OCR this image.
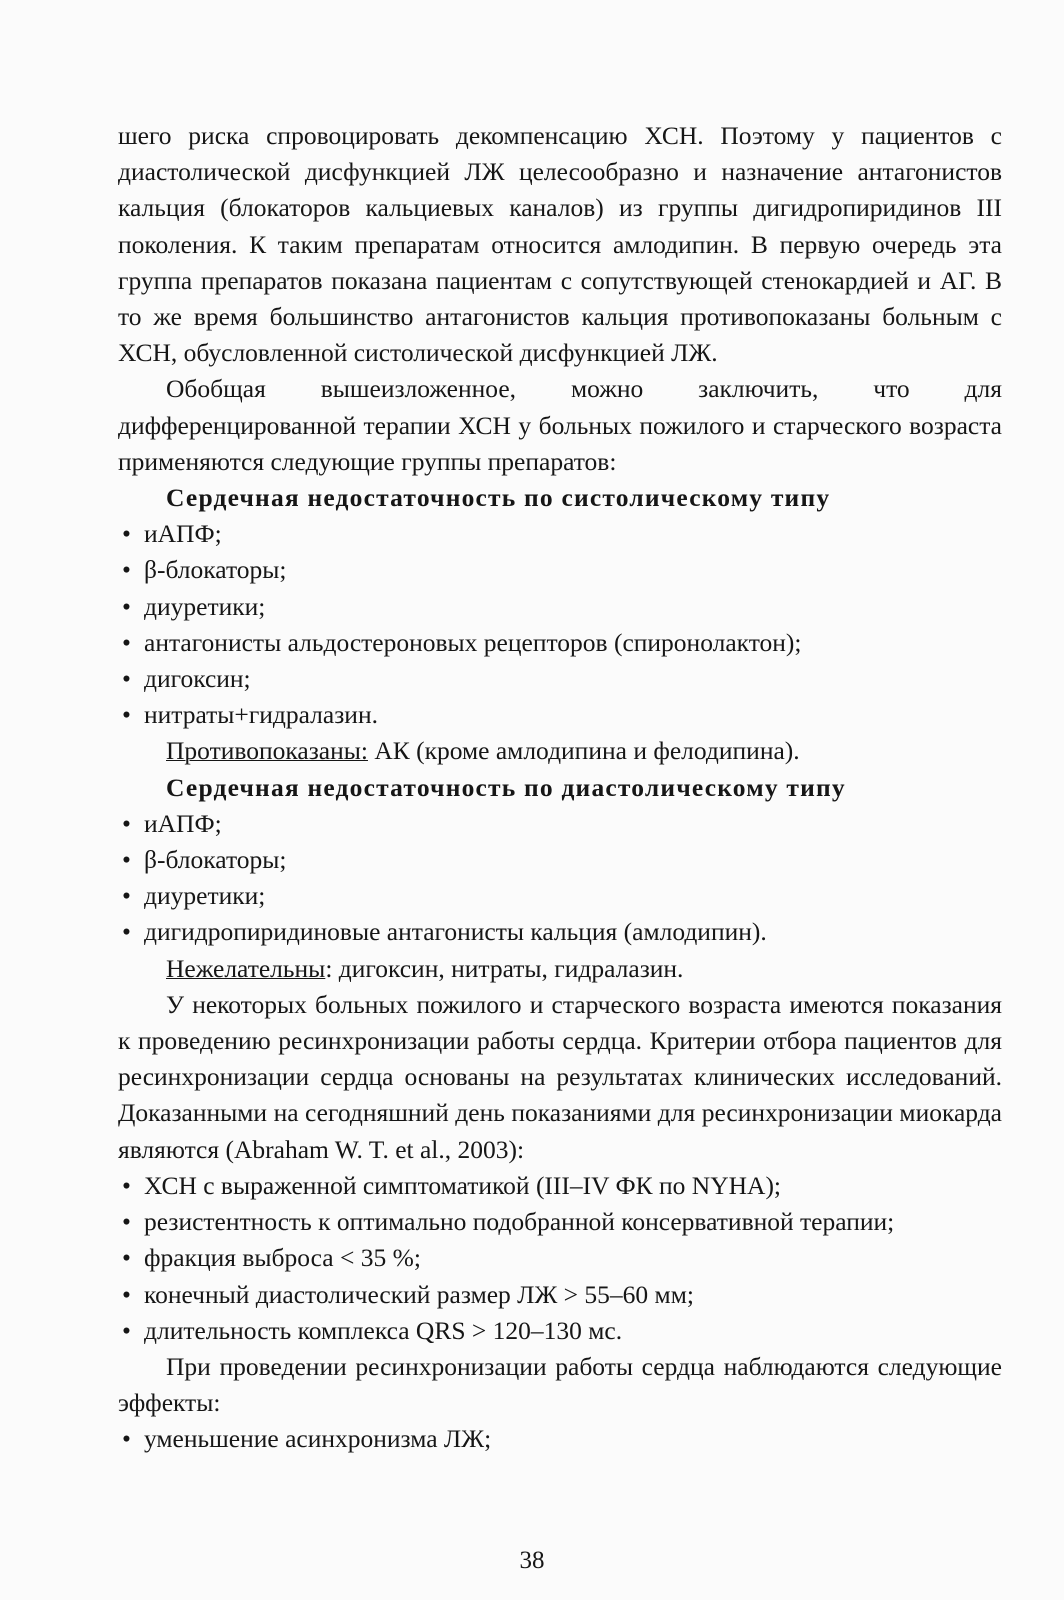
шего риска спровоцировать декомпенсацию ХСН. Поэтому у пациентов с диастолической дисфункцией ЛЖ целесообразно и назначение антагонистов кальция (блокаторов кальциевых каналов) из группы дигидропиридинов III поколения. К таким препаратам относится амлодипин. В первую очередь эта группа препаратов показана пациентам с сопутствующей стенокардией и АГ. В то же время большинство антагонистов кальция противопоказаны больным с ХСН, обусловленной систолической дисфункцией ЛЖ.

Обобщая вышеизложенное, можно заключить, что для дифференцированной терапии ХСН у больных пожилого и старческого возраста применяются следующие группы препаратов:

Сердечная недостаточность по систолическому типу

• иАПФ;
• β-блокаторы;
• диуретики;
• антагонисты альдостероновых рецепторов (спиронолактон);
• дигоксин;
• нитраты+гидралазин.

Противопоказаны: АК (кроме амлодипина и фелодипина).

Сердечная недостаточность по диастолическому типу

• иАПФ;
• β-блокаторы;
• диуретики;
• дигидропиридиновые антагонисты кальция (амлодипин).

Нежелательны: дигоксин, нитраты, гидралазин.

У некоторых больных пожилого и старческого возраста имеются показания к проведению ресинхронизации работы сердца. Критерии отбора пациентов для ресинхронизации сердца основаны на результатах клинических исследований. Доказанными на сегодняшний день показаниями для ресинхронизации миокарда являются (Abraham W. T. et al., 2003):

• ХСН с выраженной симптоматикой (III–IV ФК по NYHA);
• резистентность к оптимально подобранной консервативной терапии;
• фракция выброса < 35 %;
• конечный диастолический размер ЛЖ > 55–60 мм;
• длительность комплекса QRS > 120–130 мс.

При проведении ресинхронизации работы сердца наблюдаются следующие эффекты:

• уменьшение асинхронизма ЛЖ;
38
